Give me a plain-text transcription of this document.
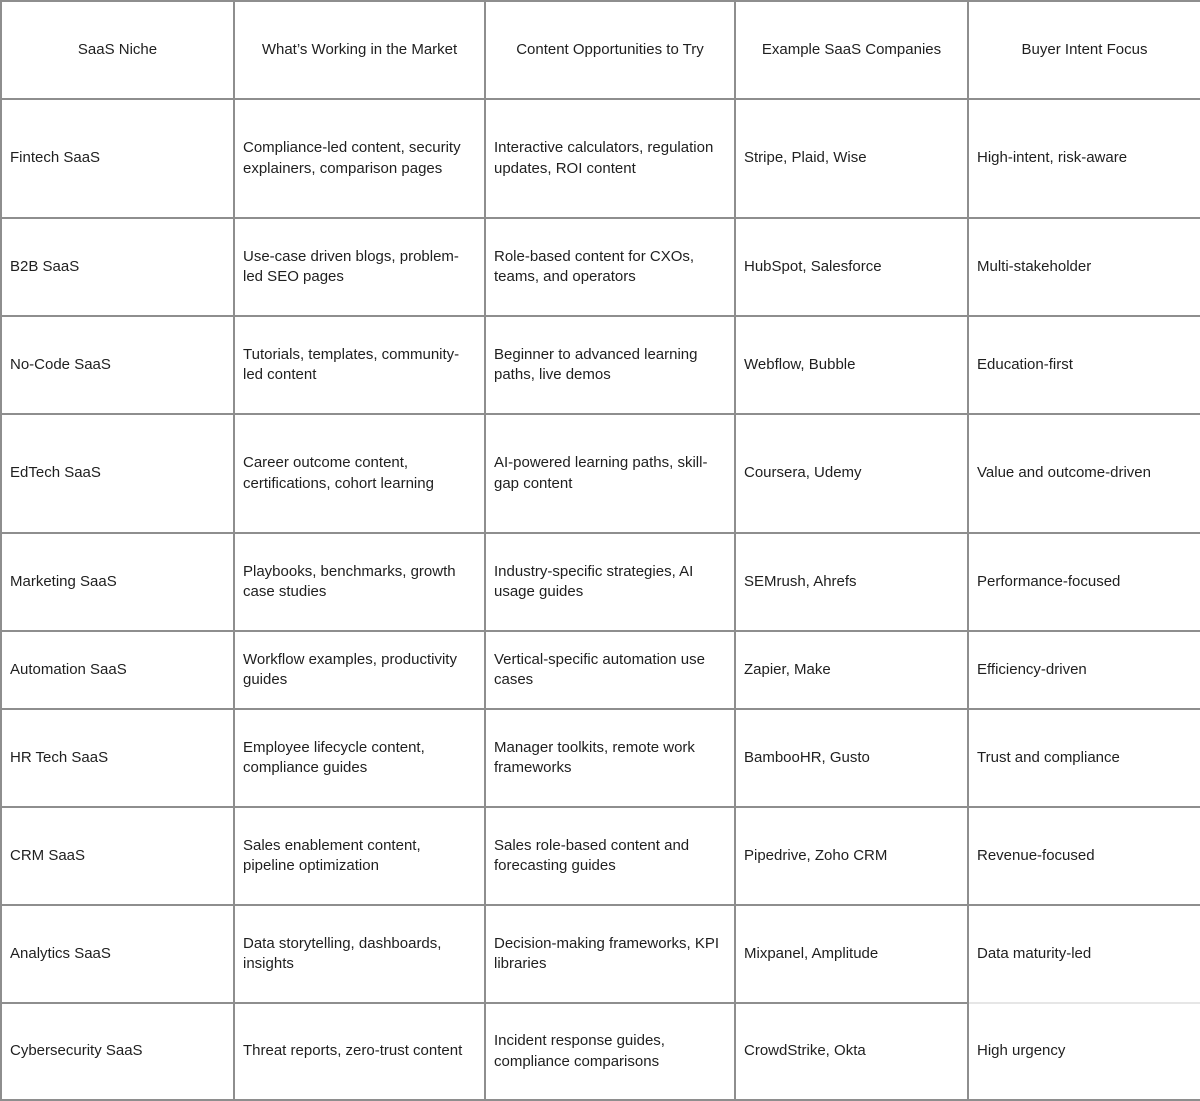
SaaS Niche	What’s Working in the Market	Content Opportunities to Try	Example SaaS Companies	Buyer Intent Focus
Fintech SaaS	Compliance-led content, security explainers, comparison pages	Interactive calculators, regulation updates, ROI content	Stripe, Plaid, Wise	High-intent, risk-aware
B2B SaaS	Use-case driven blogs, problem-led SEO pages	Role-based content for CXOs, teams, and operators	HubSpot, Salesforce	Multi-stakeholder
No-Code SaaS	Tutorials, templates, community-led content	Beginner to advanced learning paths, live demos	Webflow, Bubble	Education-first
EdTech SaaS	Career outcome content, certifications, cohort learning	AI-powered learning paths, skill-gap content	Coursera, Udemy	Value and outcome-driven
Marketing SaaS	Playbooks, benchmarks, growth case studies	Industry-specific strategies, AI usage guides	SEMrush, Ahrefs	Performance-focused
Automation SaaS	Workflow examples, productivity guides	Vertical-specific automation use cases	Zapier, Make	Efficiency-driven
HR Tech SaaS	Employee lifecycle content, compliance guides	Manager toolkits, remote work frameworks	BambooHR, Gusto	Trust and compliance
CRM SaaS	Sales enablement content, pipeline optimization	Sales role-based content and forecasting guides	Pipedrive, Zoho CRM	Revenue-focused
Analytics SaaS	Data storytelling, dashboards, insights	Decision-making frameworks, KPI libraries	Mixpanel, Amplitude	Data maturity-led
Cybersecurity SaaS	Threat reports, zero-trust content	Incident response guides, compliance comparisons	CrowdStrike, Okta	High urgency
